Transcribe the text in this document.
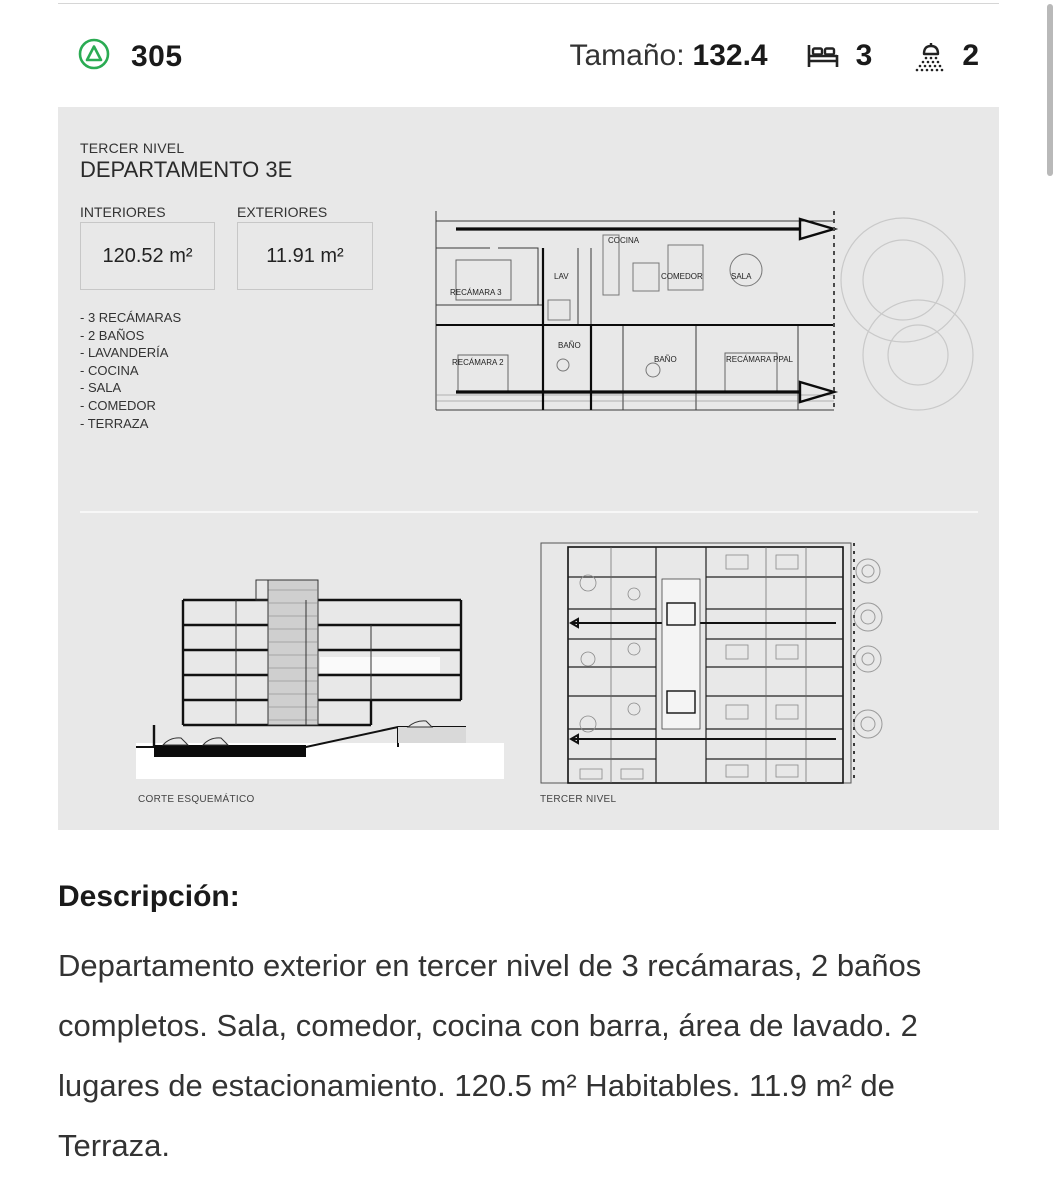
305	Tamaño: 132.4	3	2
TERCER NIVEL
DEPARTAMENTO 3E
INTERIORES
120.52 m²
EXTERIORES
11.91 m²
- 3 RECÁMARAS
- 2 BAÑOS
- LAVANDERÍA
- COCINA
- SALA
- COMEDOR
- TERRAZA
COCINA
COMEDOR	SALA
LAV
RECÁMARA 3
RECÁMARA 2
BAÑO
BAÑO	RECÁMARA PPAL
CORTE ESQUEMÁTICO	TERCER NIVEL
Descripción:
Departamento exterior en tercer nivel de 3 recámaras, 2 baños completos. Sala, comedor, cocina con barra, área de lavado. 2 lugares de estacionamiento. 120.5 m² Habitables. 11.9 m² de Terraza.
